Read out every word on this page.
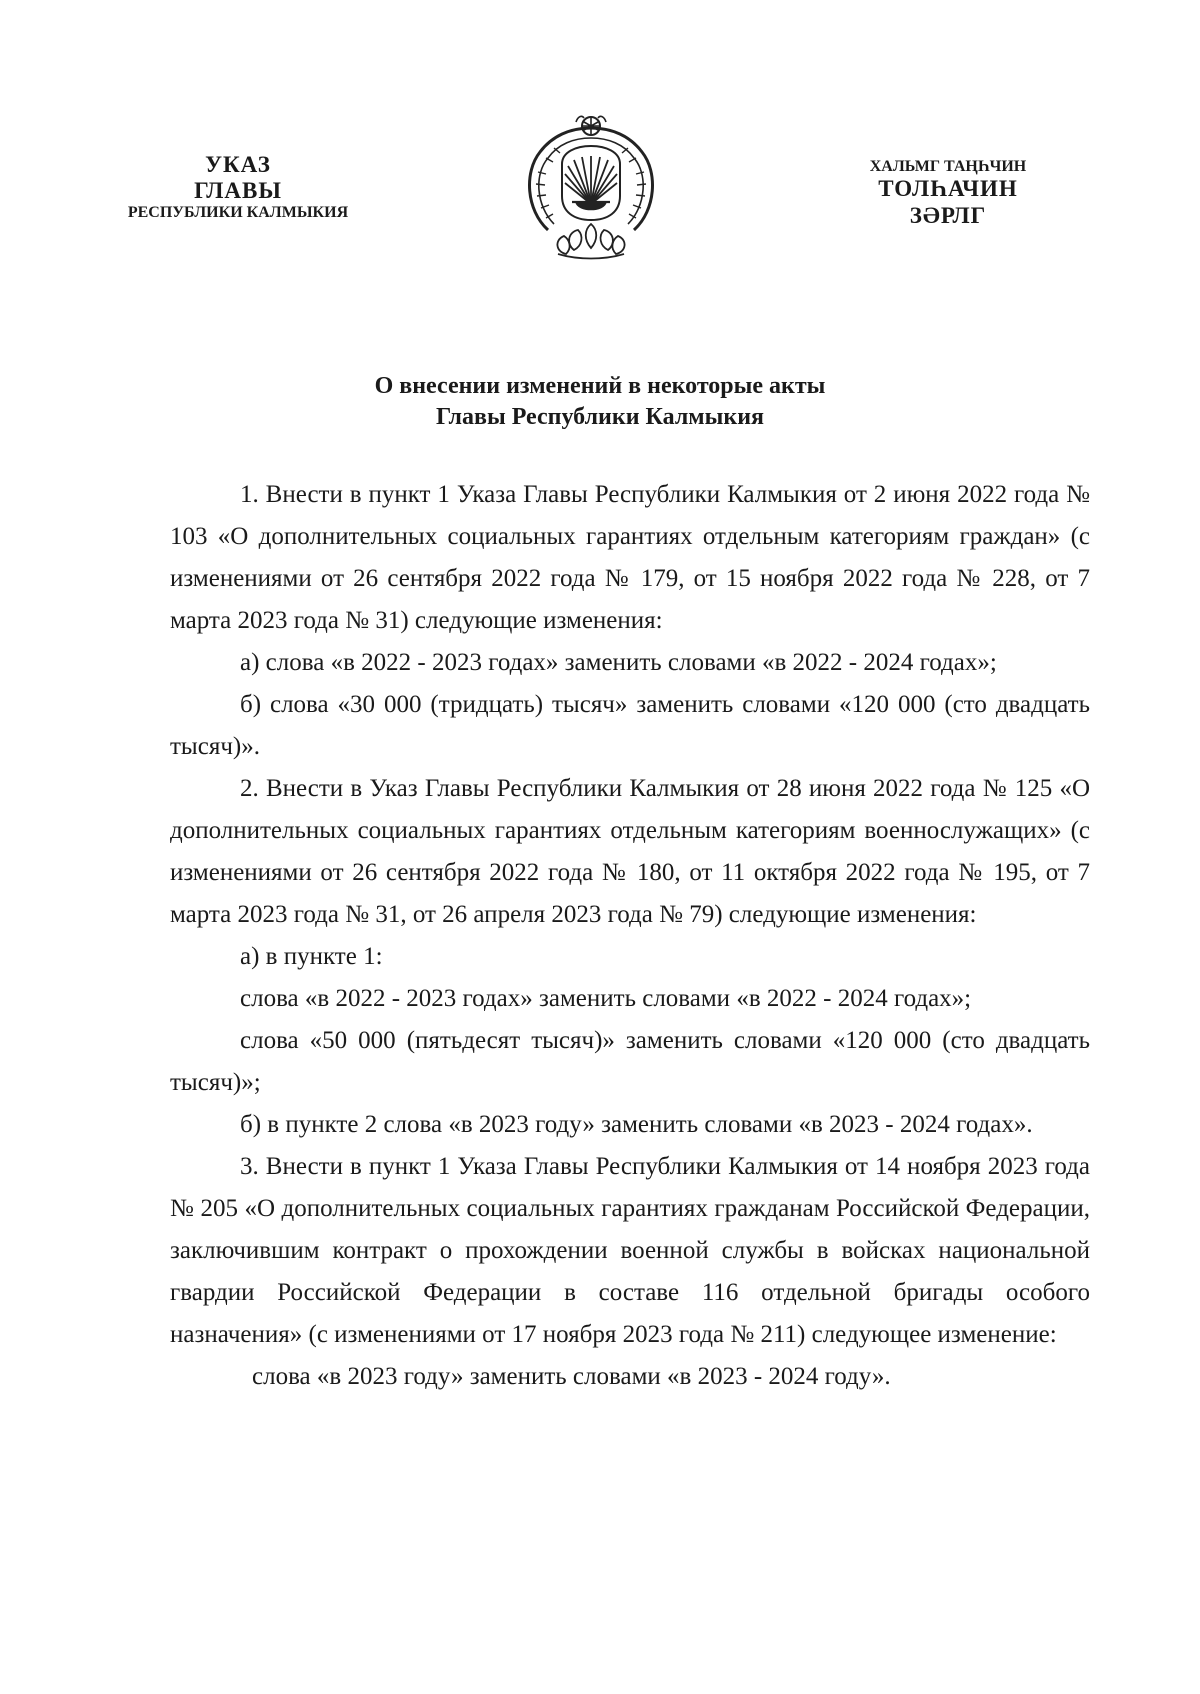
УКАЗ
ГЛАВЫ
РЕСПУБЛИКИ КАЛМЫКИЯ
ХАЛЬМГ ТАҢҺЧИН
ТОЛҺАЧИН
ЗӘРЛГ
О внесении изменений в некоторые акты
Главы Республики Калмыкия

1. Внести в пункт 1 Указа Главы Республики Калмыкия от 2 июня 2022 года № 103 «О дополнительных социальных гарантиях отдельным категориям граждан» (с изменениями от 26 сентября 2022 года № 179, от 15 ноября 2022 года № 228, от 7 марта 2023 года № 31) следующие изменения:

а) слова «в 2022 - 2023 годах» заменить словами «в 2022 - 2024 годах»;

б) слова «30 000 (тридцать) тысяч» заменить словами «120 000 (сто двадцать тысяч)».

2. Внести в Указ Главы Республики Калмыкия от 28 июня 2022 года № 125 «О дополнительных социальных гарантиях отдельным категориям военнослужащих» (с изменениями от 26 сентября 2022 года № 180, от 11 октября 2022 года № 195, от 7 марта 2023 года № 31, от 26 апреля 2023 года № 79) следующие изменения:

а) в пункте 1:

слова «в 2022 - 2023 годах» заменить словами «в 2022 - 2024 годах»;

слова «50 000 (пятьдесят тысяч)» заменить словами «120 000 (сто двадцать тысяч)»;

б) в пункте 2 слова «в 2023 году» заменить словами «в 2023 - 2024 годах».

3. Внести в пункт 1 Указа Главы Республики Калмыкия от 14 ноября 2023 года № 205 «О дополнительных социальных гарантиях гражданам Российской Федерации, заключившим контракт о прохождении военной службы в войсках национальной гвардии Российской Федерации в составе 116 отдельной бригады особого назначения» (с изменениями от 17 ноября 2023 года № 211) следующее изменение:

слова «в 2023 году» заменить словами «в 2023 - 2024 году».
